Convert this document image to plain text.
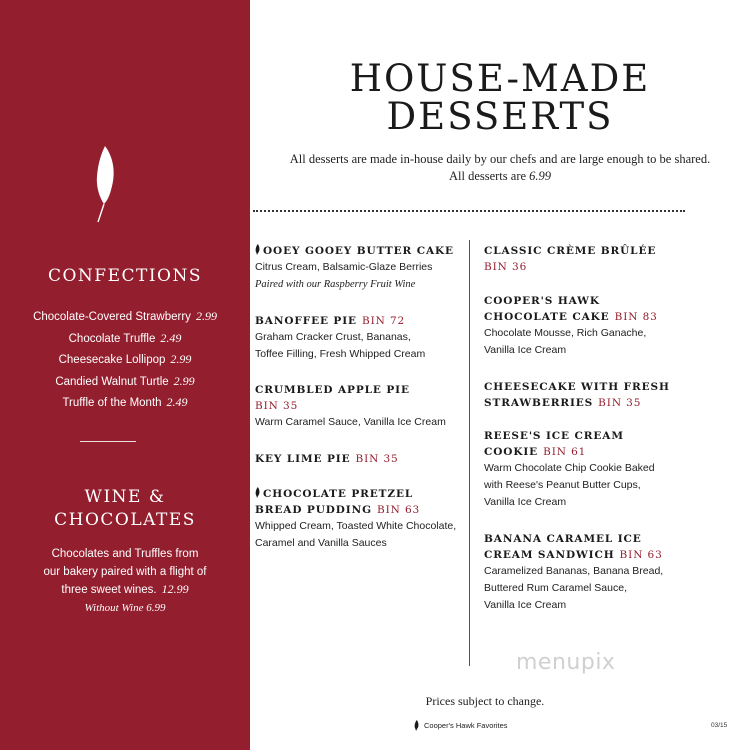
CONFECTIONS
Chocolate-Covered Strawberry 2.99
Chocolate Truffle 2.49
Cheesecake Lollipop 2.99
Candied Walnut Turtle 2.99
Truffle of the Month 2.49
WINE &
CHOCOLATES
Chocolates and Truffles from
our bakery paired with a flight of
three sweet wines. 12.99
Without Wine 6.99
HOUSE-MADE
DESSERTS
All desserts are made in-house daily by our chefs and are large enough to be shared.
All desserts are 6.99
OOEY GOOEY BUTTER CAKE
Citrus Cream, Balsamic-Glaze Berries
Paired with our Raspberry Fruit Wine
BANOFFEE PIE BIN 72
Graham Cracker Crust, Bananas,
Toffee Filling, Fresh Whipped Cream
CRUMBLED APPLE PIE
BIN 35
Warm Caramel Sauce, Vanilla Ice Cream
KEY LIME PIE BIN 35
CHOCOLATE PRETZEL
BREAD PUDDING BIN 63
Whipped Cream, Toasted White Chocolate,
Caramel and Vanilla Sauces
CLASSIC CRÈME BRÛLÉE
BIN 36
COOPER'S HAWK
CHOCOLATE CAKE BIN 83
Chocolate Mousse, Rich Ganache,
Vanilla Ice Cream
CHEESECAKE WITH FRESH
STRAWBERRIES BIN 35
REESE'S ICE CREAM
COOKIE BIN 61
Warm Chocolate Chip Cookie Baked
with Reese's Peanut Butter Cups,
Vanilla Ice Cream
BANANA CARAMEL ICE
CREAM SANDWICH BIN 63
Caramelized Bananas, Banana Bread,
Buttered Rum Caramel Sauce,
Vanilla Ice Cream
menupix
Prices subject to change.
Cooper's Hawk Favorites	03/15
